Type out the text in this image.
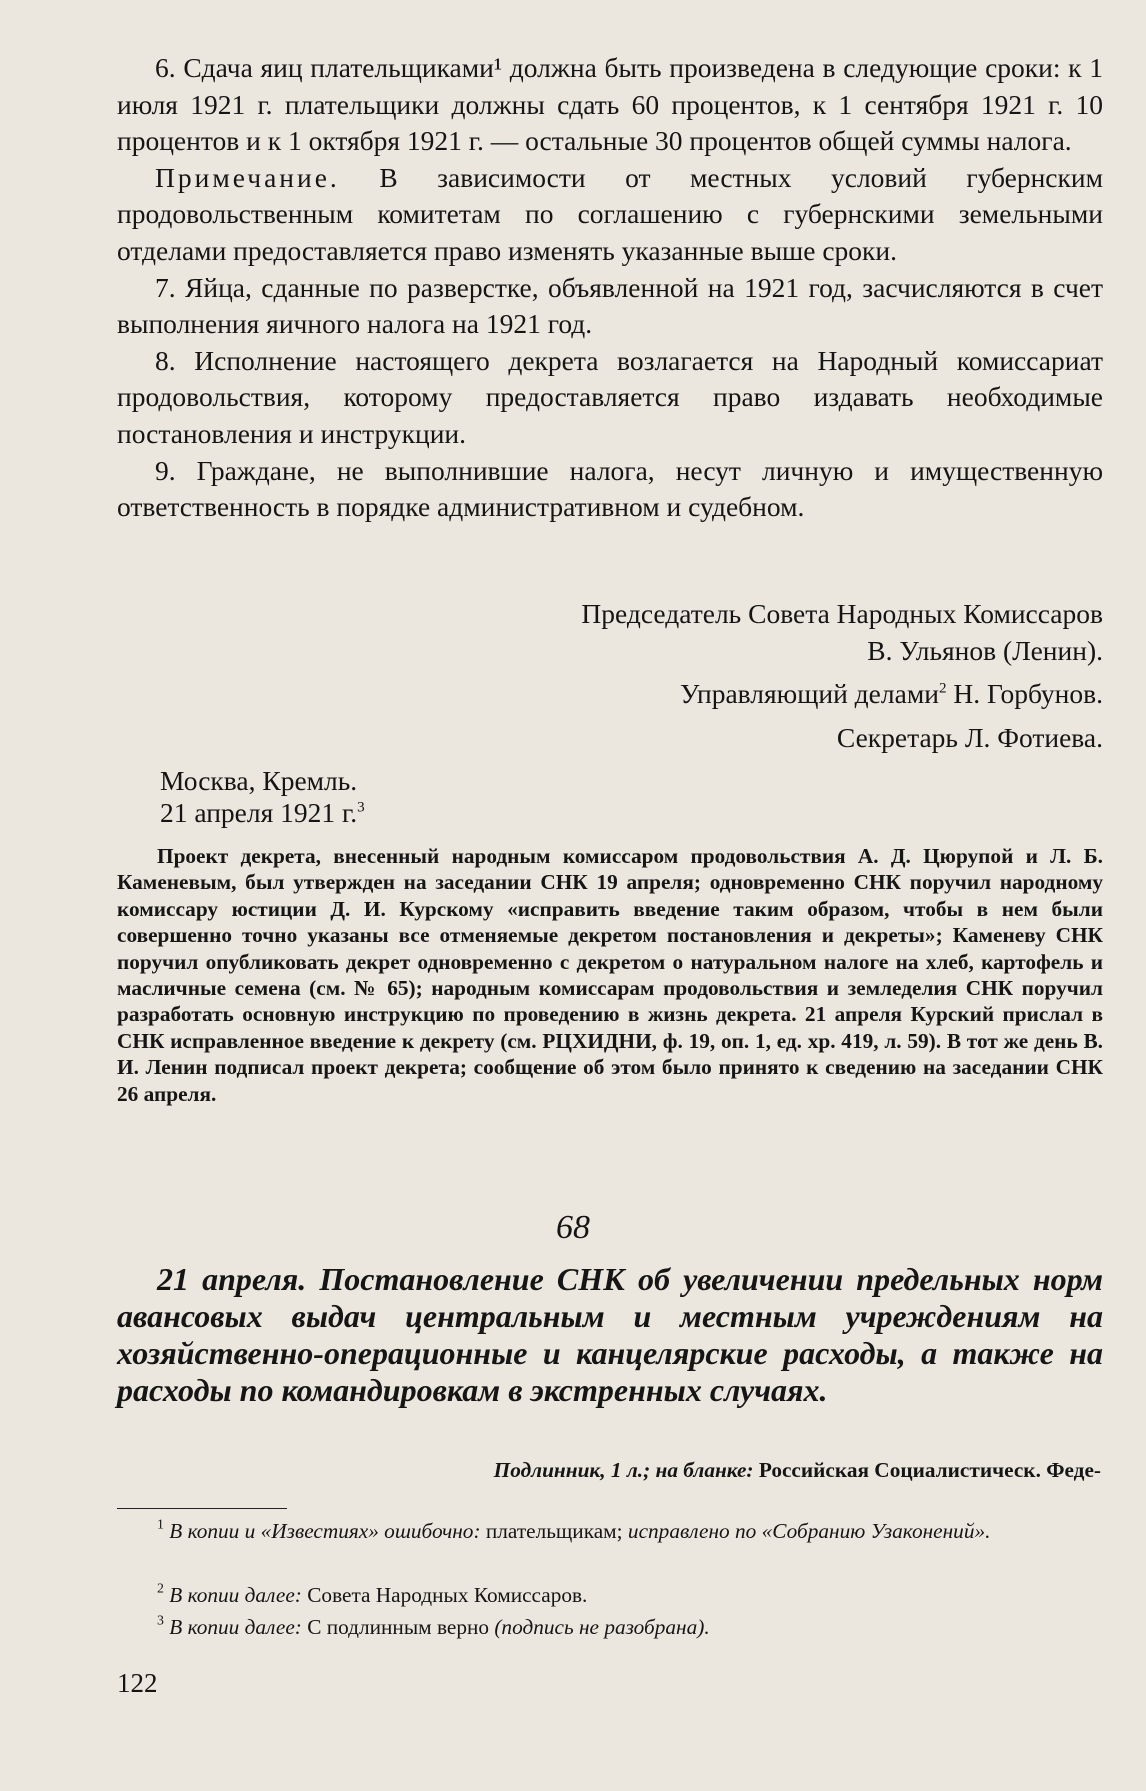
6. Сдача яиц плательщиками¹ должна быть произведена в следующие сроки: к 1 июля 1921 г. плательщики должны сдать 60 процентов, к 1 сентября 1921 г. 10 процентов и к 1 октября 1921 г. — остальные 30 процентов общей суммы налога.

Примечание. В зависимости от местных условий губернским продовольственным комитетам по соглашению с губернскими земельными отделами предоставляется право изменять указанные выше сроки.

7. Яйца, сданные по разверстке, объявленной на 1921 год, засчисляются в счет выполнения яичного налога на 1921 год.

8. Исполнение настоящего декрета возлагается на Народный комиссариат продовольствия, которому предоставляется право издавать необходимые постановления и инструкции.

9. Граждане, не выполнившие налога, несут личную и имущественную ответственность в порядке административном и судебном.

Председатель Совета Народных Комиссаров
В. Ульянов (Ленин).
Управляющий делами$^2$ Н. Горбунов.
Секретарь Л. Фотиева.
Москва, Кремль.
21 апреля 1921 г.$^3$

Проект декрета, внесенный народным комиссаром продовольствия А. Д. Цюрупой и Л. Б. Каменевым, был утвержден на заседании СНК 19 апреля; одновременно СНК поручил народному комиссару юстиции Д. И. Курскому «исправить введение таким образом, чтобы в нем были совершенно точно указаны все отменяемые декретом постановления и декреты»; Каменеву СНК поручил опубликовать декрет одновременно с декретом о натуральном налоге на хлеб, картофель и масличные семена (см. № 65); народным комиссарам продовольствия и земледелия СНК поручил разработать основную инструкцию по проведению в жизнь декрета. 21 апреля Курский прислал в СНК исправленное введение к декрету (см. РЦХИДНИ, ф. 19, оп. 1, ед. хр. 419, л. 59). В тот же день В. И. Ленин подписал проект декрета; сообщение об этом было принято к сведению на заседании СНК 26 апреля.

68
21 апреля. Постановление СНК об увеличении предельных норм авансовых выдач центральным и местным учреждениям на хозяйственно-операционные и канцелярские расходы, а также на расходы по командировкам в экстренных случаях.
Подлинник, 1 л.; на бланке: Российская Социалистическ. Феде-

$^1$ В копии и «Известиях» ошибочно: плательщикам; исправлено по «Собранию Узаконений».

$^2$ В копии далее: Совета Народных Комиссаров.

$^3$ В копии далее: С подлинным верно (подпись не разобрана).

122
